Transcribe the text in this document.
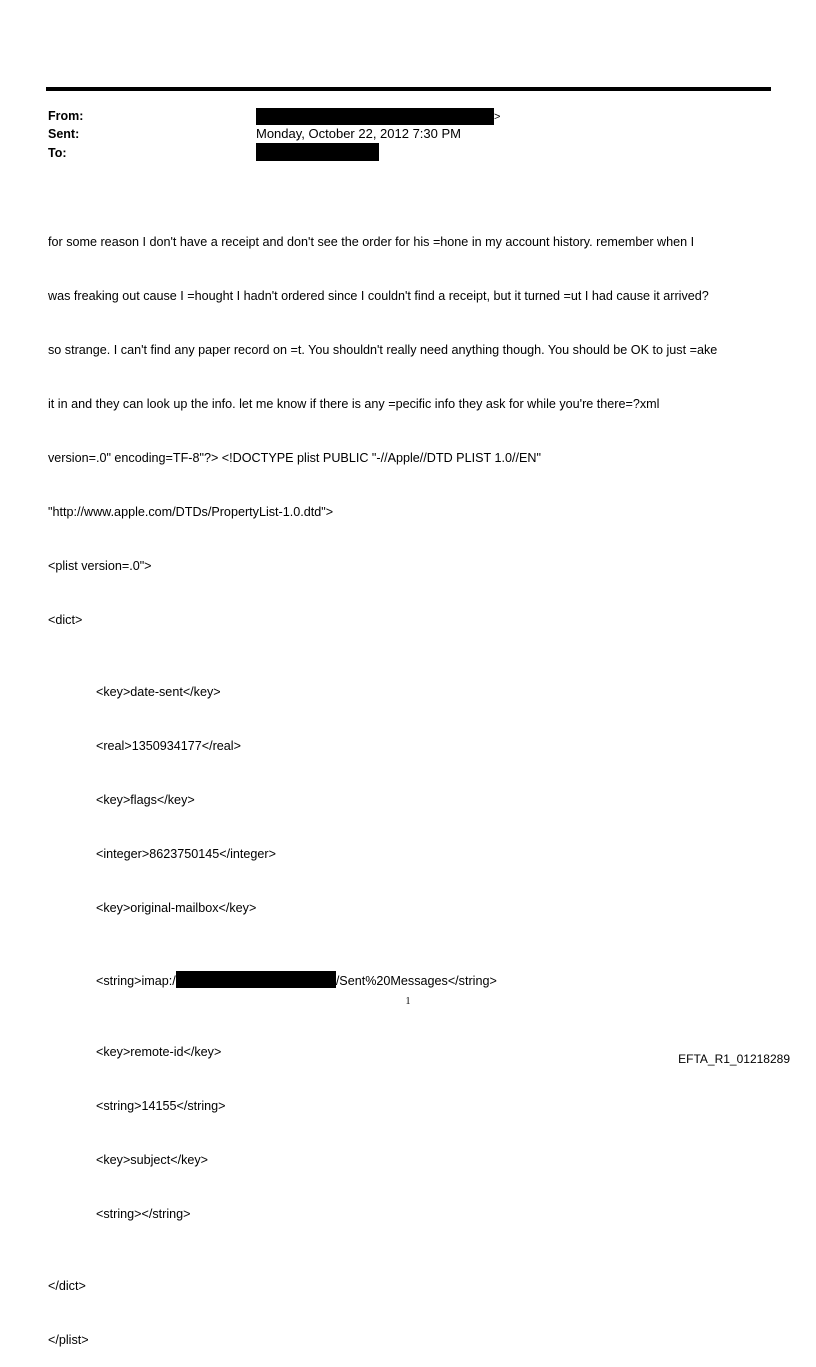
From:	>
Sent:	Monday, October 22, 2012 7:30 PM
To:

for some reason I don't have a receipt and don't see the order for his =hone in my account history. remember when I

was freaking out cause I =hought I hadn't ordered since I couldn't find a receipt, but it turned =ut I had cause it arrived?

so strange. I can't find any paper record on =t. You shouldn't really need anything though. You should be OK to just =ake

it in and they can look up the info. let me know if there is any =pecific info they ask for while you're there=?xml

version=.0" encoding=TF-8"?> <!DOCTYPE plist PUBLIC "-//Apple//DTD PLIST 1.0//EN"

"http://www.apple.com/DTDs/PropertyList-1.0.dtd">

<plist version=.0">

<dict>

<key>date-sent</key>

<real>1350934177</real>

<key>flags</key>

<integer>8623750145</integer>

<key>original-mailbox</key>

<string>imap:/	/Sent%20Messages</string>

<key>remote-id</key>

<string>14155</string>

<key>subject</key>

<string></string>

</dict>

</plist>

1
EFTA_R1_01218289
